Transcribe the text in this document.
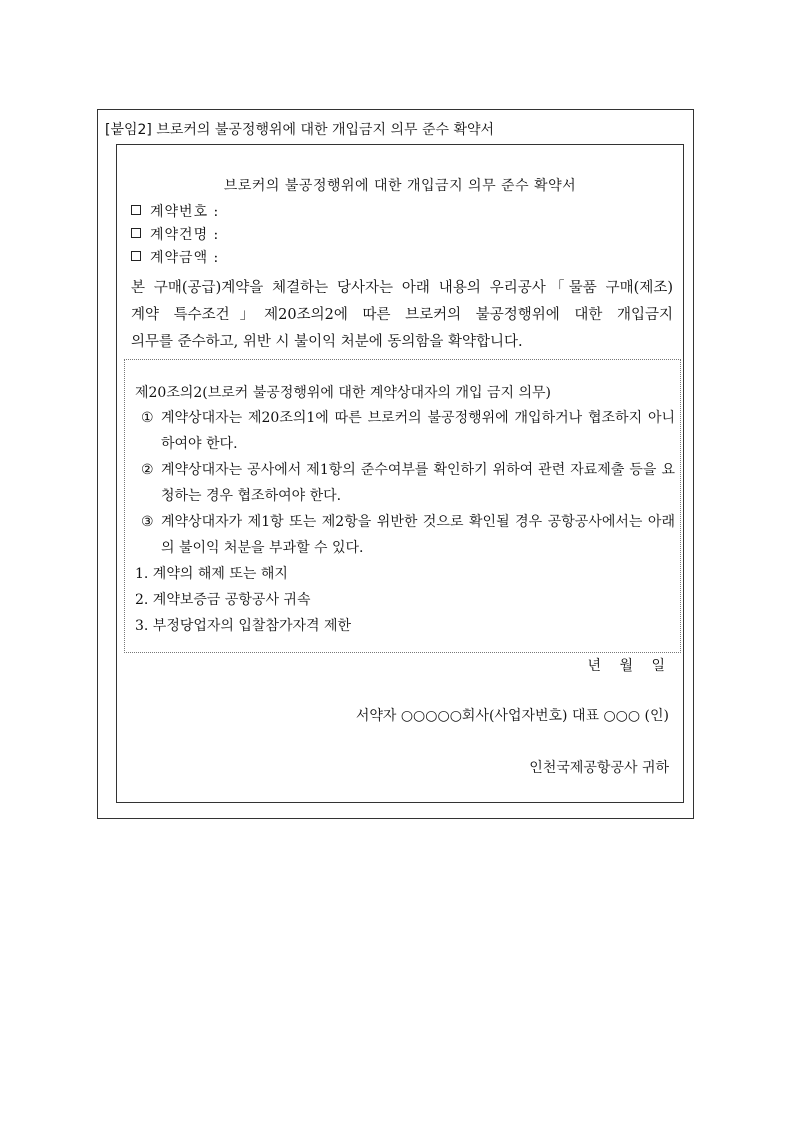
[붙임2] 브로커의 불공정행위에 대한 개입금지 의무 준수 확약서
브로커의 불공정행위에 대한 개입금지 의무 준수 확약서
계약번호 :
계약건명 :
계약금액 :
본 구매(공급)계약을 체결하는 당사자는 아래 내용의 우리공사「물품 구매(제조)
계약 특수조건」제20조의2에 따른 브로커의 불공정행위에 대한 개입금지
의무를 준수하고, 위반 시 불이익 처분에 동의함을 확약합니다.
제20조의2(브로커 불공정행위에 대한 계약상대자의 개입 금지 의무)
① 계약상대자는 제20조의1에 따른 브로커의 불공정행위에 개입하거나 협조하지 아니하여야 한다.
② 계약상대자는 공사에서 제1항의 준수여부를 확인하기 위하여 관련 자료제출 등을 요청하는 경우 협조하여야 한다.
③ 계약상대자가 제1항 또는 제2항을 위반한 것으로 확인될 경우 공항공사에서는 아래의 불이익 처분을 부과할 수 있다.
1. 계약의 해제 또는 해지
2. 계약보증금 공항공사 귀속
3. 부정당업자의 입찰참가자격 제한
년 월 일
서약자 ○○○○○회사(사업자번호) 대표 ○○○ (인)
인천국제공항공사 귀하
